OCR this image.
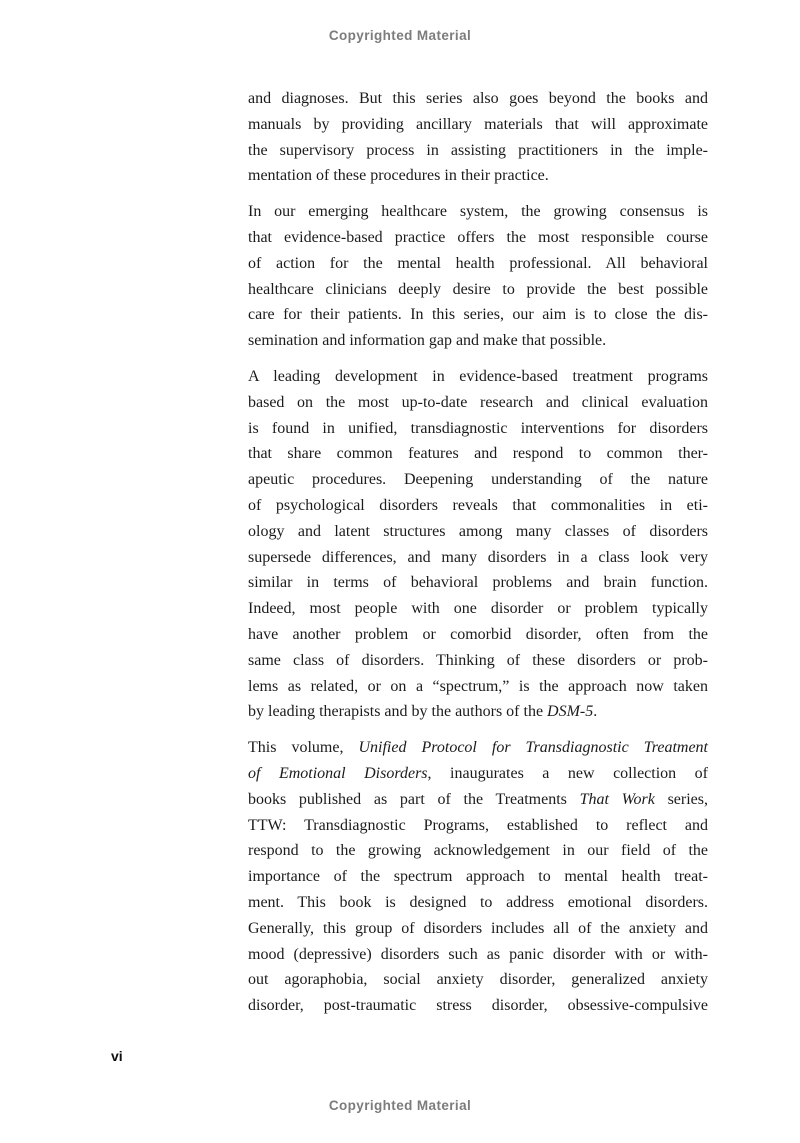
Copyrighted Material
and diagnoses. But this series also goes beyond the books and
manuals by providing ancillary materials that will approximate
the supervisory process in assisting practitioners in the imple-
mentation of these procedures in their practice.
In our emerging healthcare system, the growing consensus is
that evidence-based practice offers the most responsible course
of action for the mental health professional. All behavioral
healthcare clinicians deeply desire to provide the best possible
care for their patients. In this series, our aim is to close the dis-
semination and information gap and make that possible.
A leading development in evidence-based treatment programs
based on the most up-to-date research and clinical evaluation
is found in unified, transdiagnostic interventions for disorders
that share common features and respond to common ther-
apeutic procedures. Deepening understanding of the nature
of psychological disorders reveals that commonalities in eti-
ology and latent structures among many classes of disorders
supersede differences, and many disorders in a class look very
similar in terms of behavioral problems and brain function.
Indeed, most people with one disorder or problem typically
have another problem or comorbid disorder, often from the
same class of disorders. Thinking of these disorders or prob-
lems as related, or on a “spectrum,” is the approach now taken
by leading therapists and by the authors of the DSM-5.
This volume, Unified Protocol for Transdiagnostic Treatment
of Emotional Disorders, inaugurates a new collection of
books published as part of the Treatments That Work series,
TTW: Transdiagnostic Programs, established to reflect and
respond to the growing acknowledgement in our field of the
importance of the spectrum approach to mental health treat-
ment. This book is designed to address emotional disorders.
Generally, this group of disorders includes all of the anxiety and
mood (depressive) disorders such as panic disorder with or with-
out agoraphobia, social anxiety disorder, generalized anxiety
disorder, post-traumatic stress disorder, obsessive-compulsive
vi
Copyrighted Material
